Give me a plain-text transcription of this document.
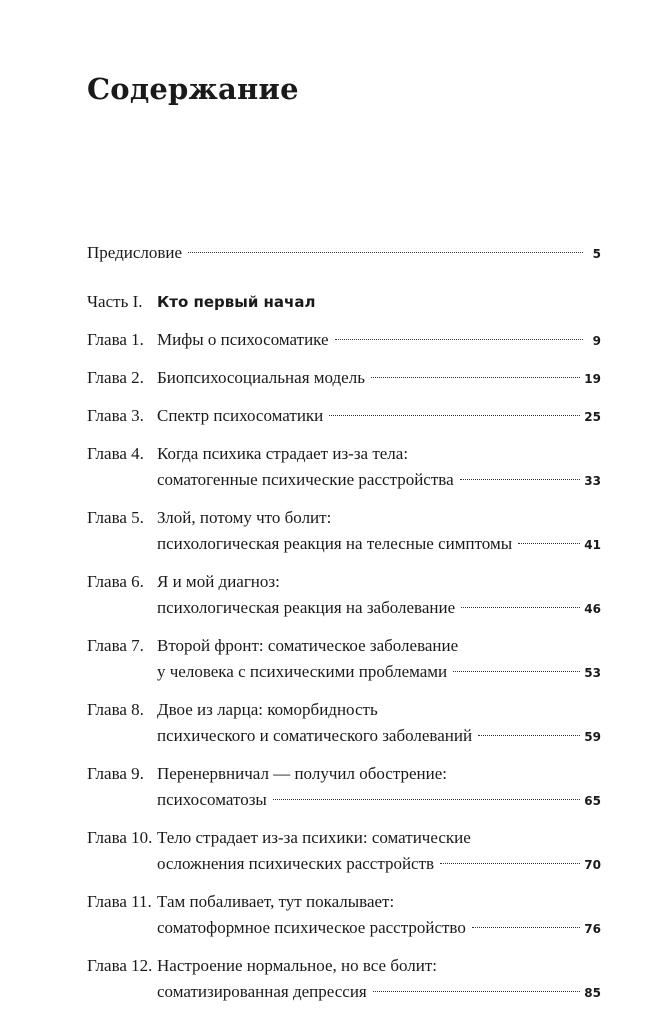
Содержание
Предисловие	5
Часть I. Кто первый начал
Глава 1. Мифы о психосоматике	9
Глава 2. Биопсихосоциальная модель	19
Глава 3. Спектр психосоматики	25
Глава 4. Когда психика страдает из-за тела:
соматогенные психические расстройства	33
Глава 5. Злой, потому что болит:
психологическая реакция на телесные симптомы	41
Глава 6. Я и мой диагноз:
психологическая реакция на заболевание	46
Глава 7. Второй фронт: соматическое заболевание
у человека с психическими проблемами	53
Глава 8. Двое из ларца: коморбидность
психического и соматического заболеваний	59
Глава 9. Перенервничал — получил обострение:
психосоматозы	65
Глава 10. Тело страдает из-за психики: соматические
осложнения психических расстройств	70
Глава 11. Там побаливает, тут покалывает:
соматоформное психическое расстройство	76
Глава 12. Настроение нормальное, но все болит:
соматизированная депрессия	85
